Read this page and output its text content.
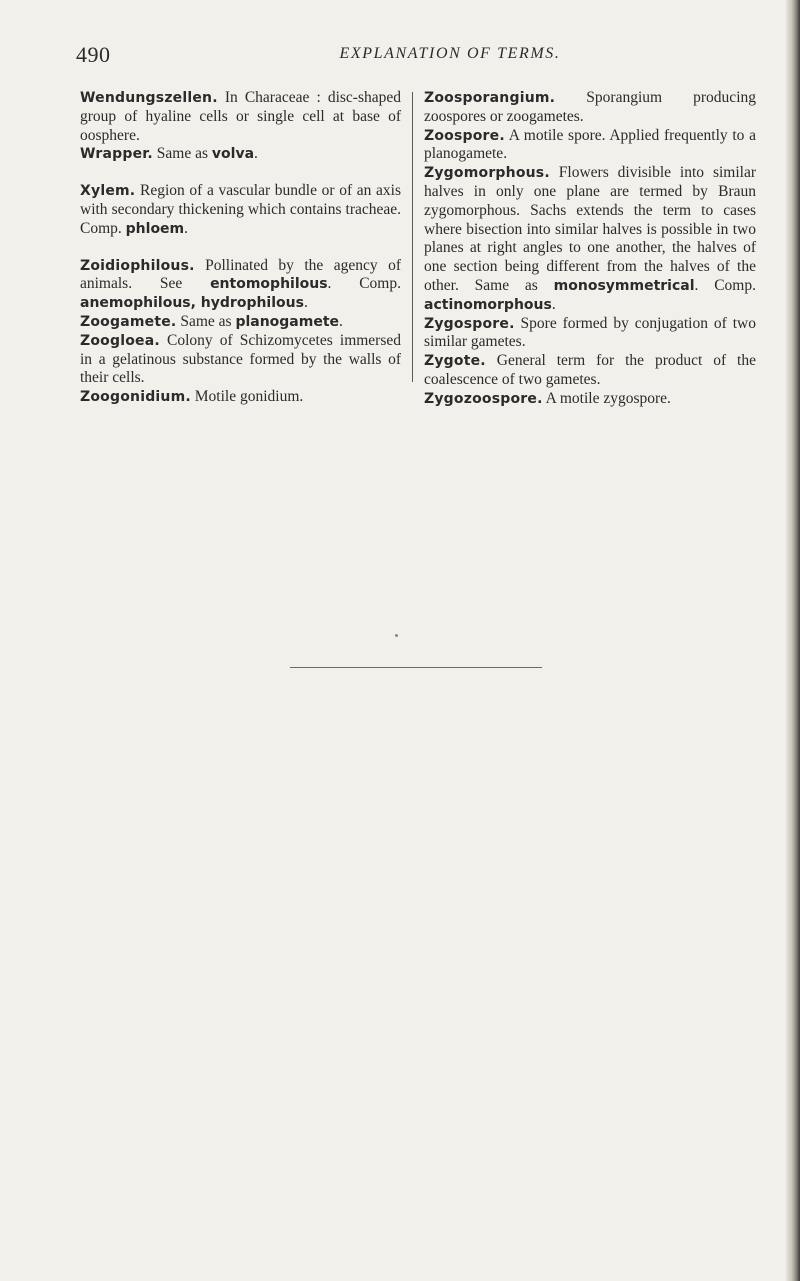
490	EXPLANATION OF TERMS.

Wendungszellen. In Characeae : disc-shaped group of hyaline cells or single cell at base of oosphere.

Wrapper. Same as volva.

Xylem. Region of a vascular bundle or of an axis with secondary thickening which contains tracheae. Comp. phloem.

Zoidiophilous. Pollinated by the agency of animals. See entomophilous. Comp. anemophilous, hydrophilous.

Zoogamete. Same as planogamete.

Zoogloea. Colony of Schizomycetes immersed in a gelatinous substance formed by the walls of their cells.

Zoogonidium. Motile gonidium.

Zoosporangium. Sporangium producing zoospores or zoogametes.

Zoospore. A motile spore. Applied frequently to a planogamete.

Zygomorphous. Flowers divisible into similar halves in only one plane are termed by Braun zygomorphous. Sachs extends the term to cases where bisection into similar halves is possible in two planes at right angles to one another, the halves of one section being different from the halves of the other. Same as monosymmetrical. Comp. actinomorphous.

Zygospore. Spore formed by conjugation of two similar gametes.

Zygote. General term for the product of the coalescence of two gametes.

Zygozoospore. A motile zygospore.
